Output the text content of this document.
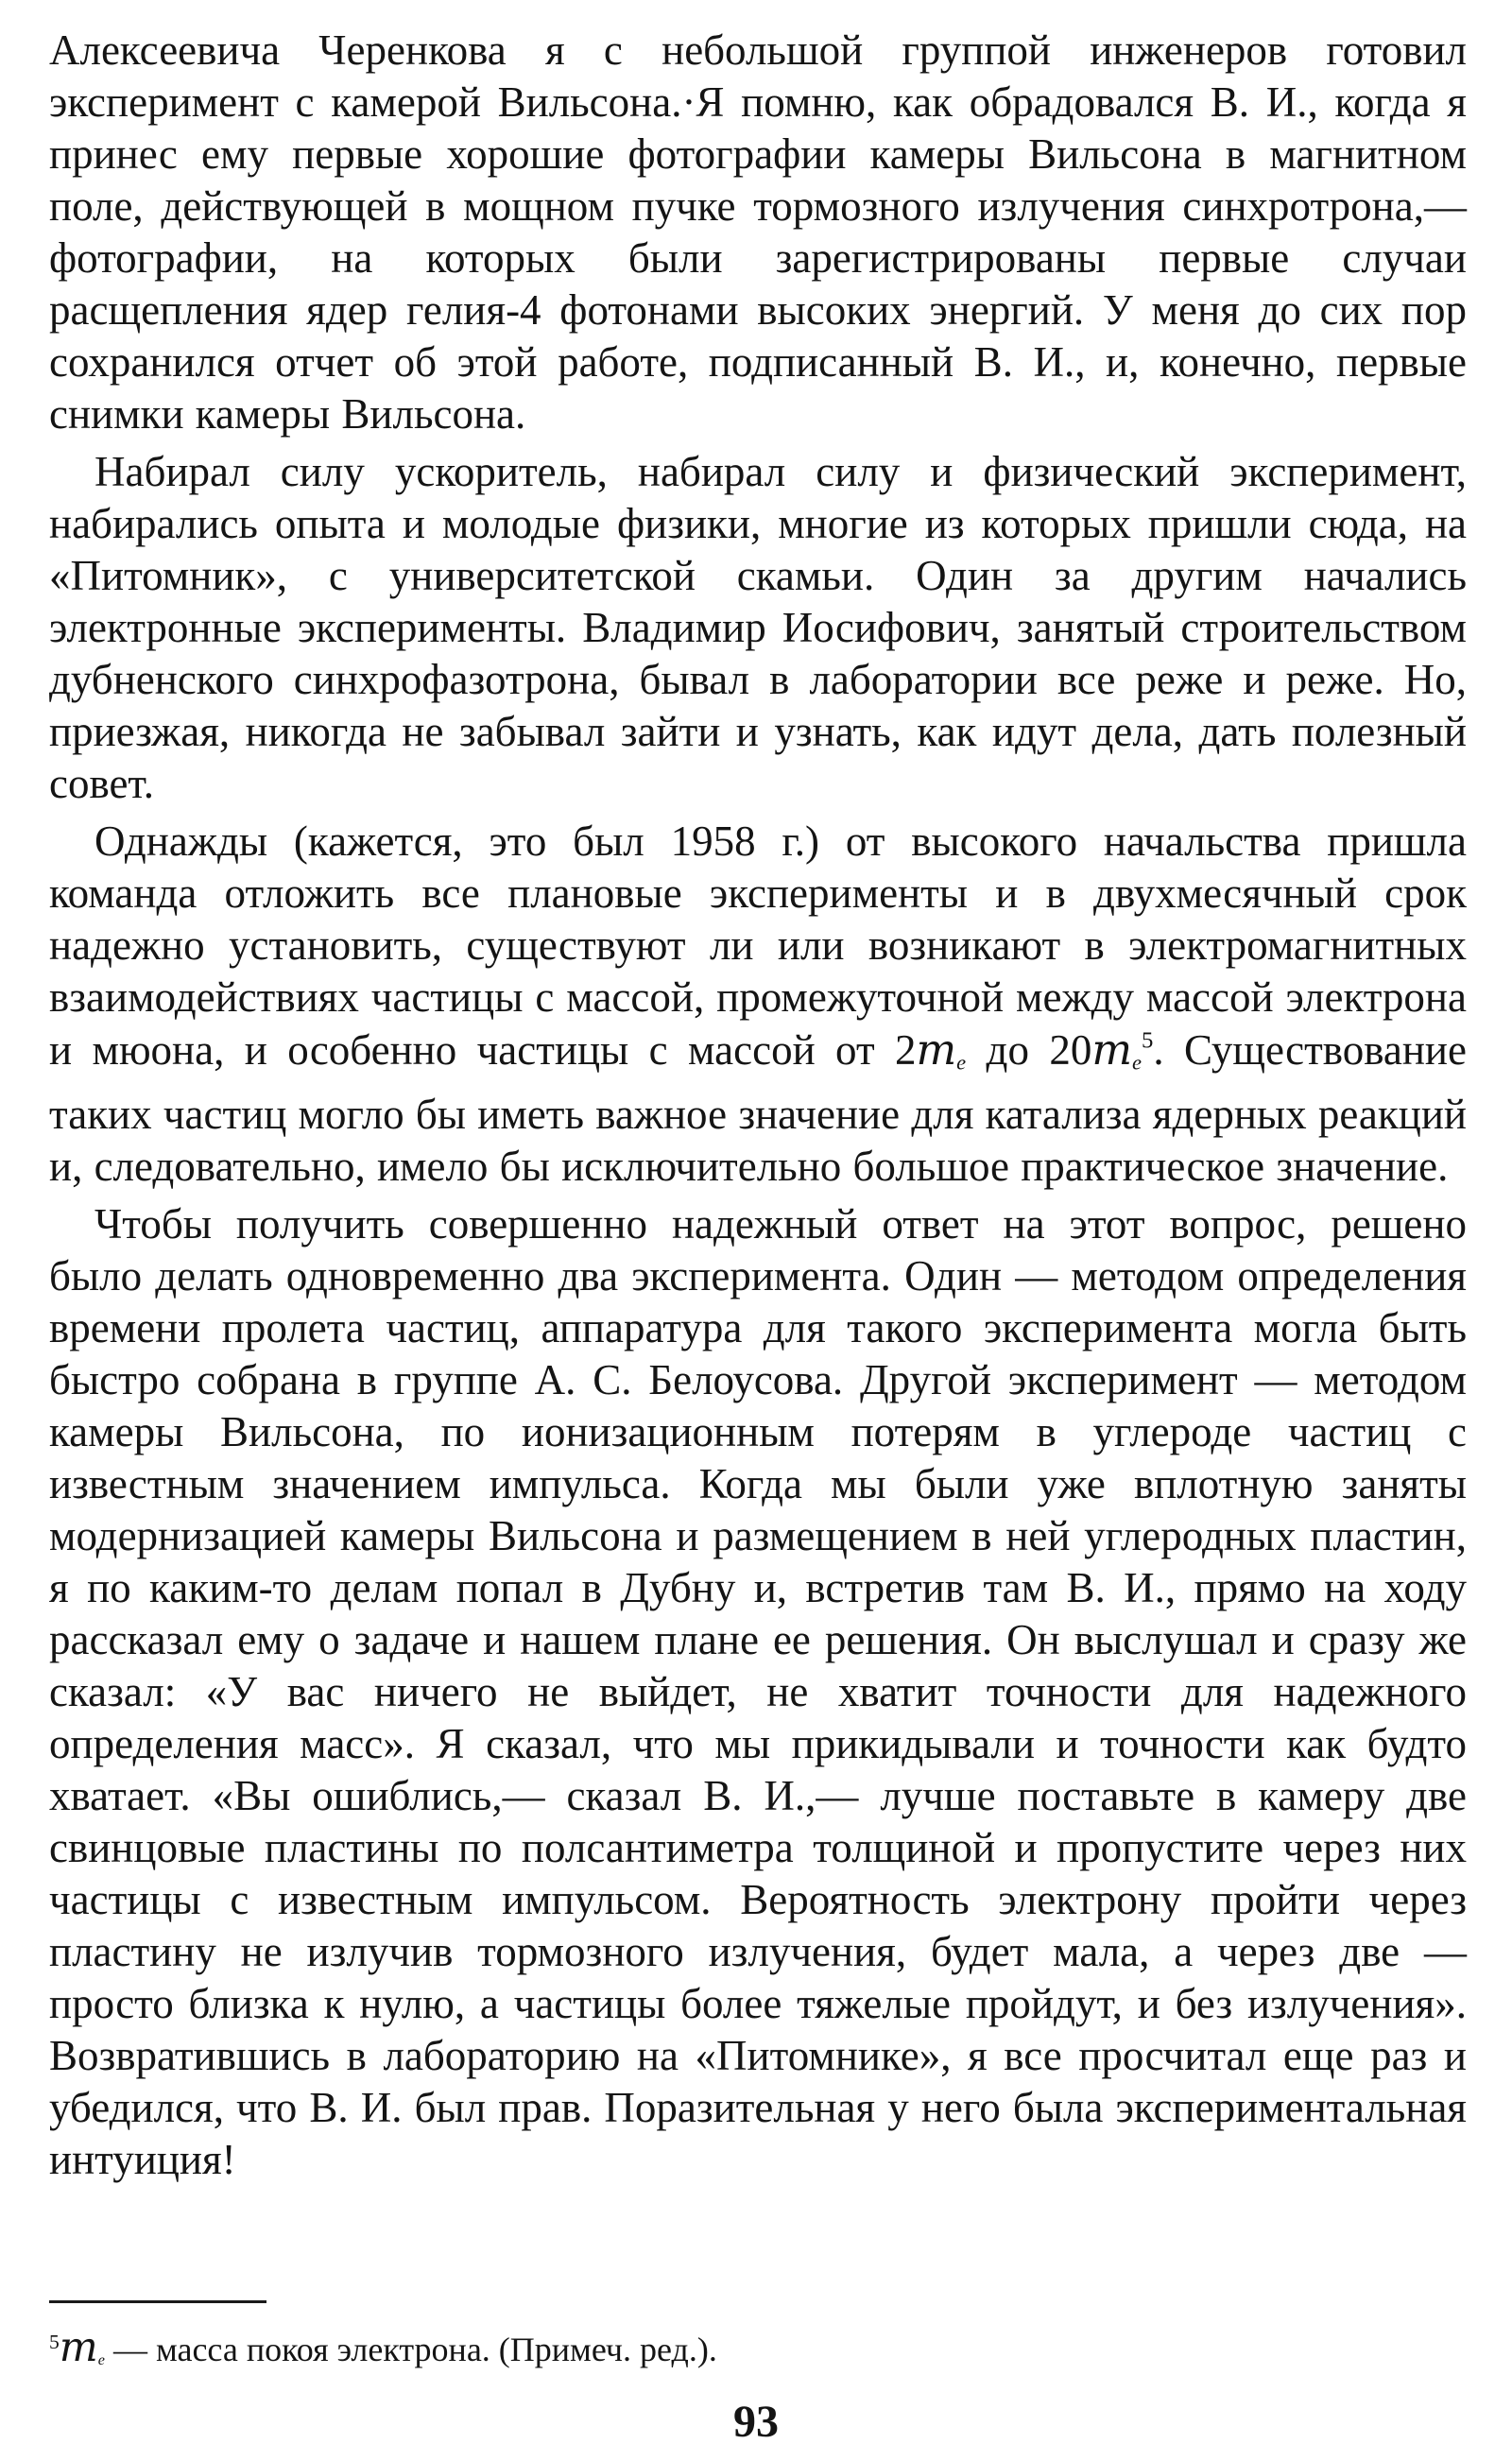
Алексеевича Черенкова я с небольшой группой инженеров готовил эксперимент с камерой Вильсона.·Я помню, как обрадовался В. И., когда я принес ему первые хорошие фотографии камеры Вильсона в магнитном поле, действующей в мощном пучке тормозного излучения синхротрона,— фотографии, на которых были зарегистрированы первые случаи расщепления ядер гелия-4 фотонами высоких энергий. У меня до сих пор сохранился отчет об этой работе, подписанный В. И., и, конечно, первые снимки камеры Вильсона.

Набирал силу ускоритель, набирал силу и физический эксперимент, набирались опыта и молодые физики, многие из которых пришли сюда, на «Питомник», с университетской скамьи. Один за другим начались электронные эксперименты. Владимир Иосифович, занятый строительством дубненского синхрофазотрона, бывал в лаборатории все реже и реже. Но, приезжая, никогда не забывал зайти и узнать, как идут дела, дать полезный совет.

Однажды (кажется, это был 1958 г.) от высокого начальства пришла команда отложить все плановые эксперименты и в двухмесячный срок надежно установить, существуют ли или возникают в электромагнитных взаимодействиях частицы с массой, промежуточной между массой электрона и мюона, и особенно частицы с массой от $2m_e$ до $20m_e^5$. Существование таких частиц могло бы иметь важное значение для катализа ядерных реакций и, следовательно, имело бы исключительно большое практическое значение.

Чтобы получить совершенно надежный ответ на этот вопрос, решено было делать одновременно два эксперимента. Один — методом определения времени пролета частиц, аппаратура для такого эксперимента могла быть быстро собрана в группе А. С. Белоусова. Другой эксперимент — методом камеры Вильсона, по ионизационным потерям в углероде частиц с известным значением импульса. Когда мы были уже вплотную заняты модернизацией камеры Вильсона и размещением в ней углеродных пластин, я по каким-то делам попал в Дубну и, встретив там В. И., прямо на ходу рассказал ему о задаче и нашем плане ее решения. Он выслушал и сразу же сказал: «У вас ничего не выйдет, не хватит точности для надежного определения масс». Я сказал, что мы прикидывали и точности как будто хватает. «Вы ошиблись,— сказал В. И.,— лучше поставьте в камеру две свинцовые пластины по полсантиметра толщиной и пропустите через них частицы с известным импульсом. Вероятность электрону пройти через пластину не излучив тормозного излучения, будет мала, а через две — просто близка к нулю, а частицы более тяжелые пройдут, и без излучения». Возвратившись в лабораторию на «Питомнике», я все просчитал еще раз и убедился, что В. И. был прав. Поразительная у него была экспериментальная интуиция!

$^5$me — масса покоя электрона. (Примеч. ред.).
93
